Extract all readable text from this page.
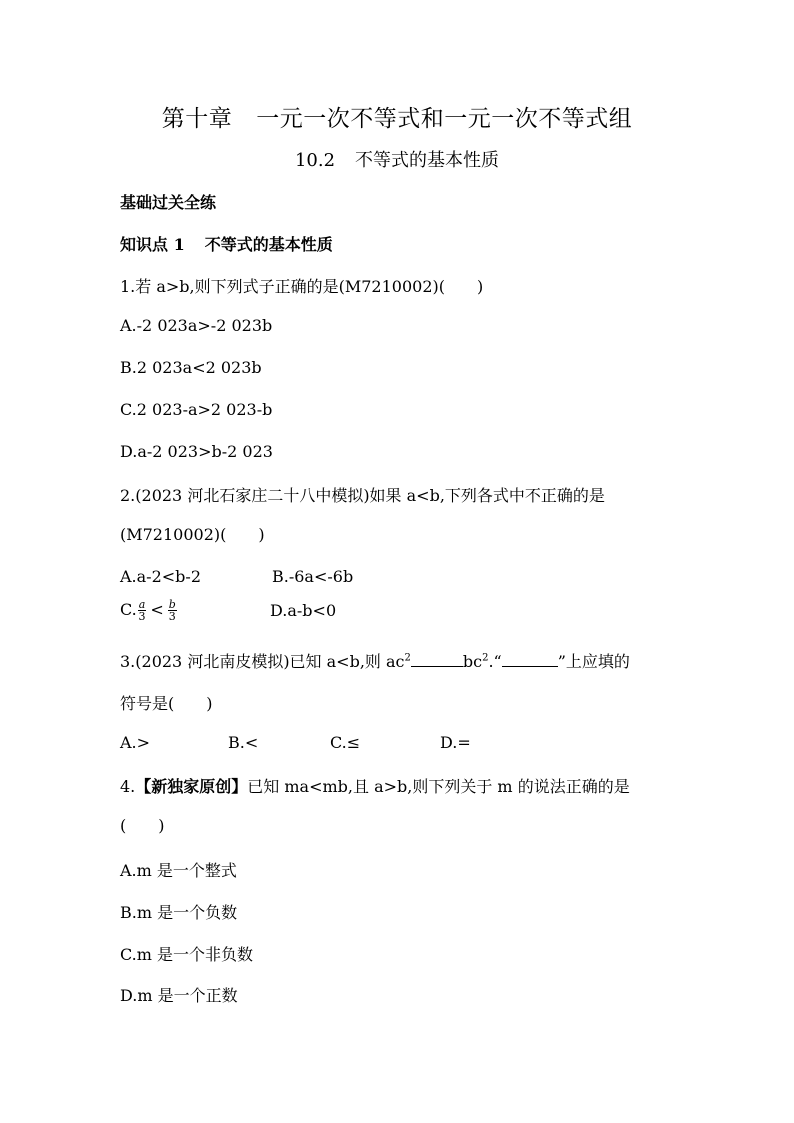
第十章 一元一次不等式和一元一次不等式组
10.2 不等式的基本性质
基础过关全练
知识点 1 不等式的基本性质
1.若 a>b,则下列式子正确的是(M7210002)(  )
A.-2 023a>-2 023b
B.2 023a<2 023b
C.2 023-a>2 023-b
D.a-2 023>b-2 023
2.(2023 河北石家庄二十八中模拟)如果 a<b,下列各式中不正确的是
(M7210002)(  )
A.a-2<b-2	B.-6a<-6b
C. $\frac{a}{3} < \frac{b}{3}$	D.a-b<0
3.(2023 河北南皮模拟)已知 a<b,则 $ac^2$	$bc^2.“$	”上应填的
符号是(  )
A.>	B.<	C.≤	D.=
4.【新独家原创】已知 ma<mb,且 a>b,则下列关于 m 的说法正确的是
(  )
A.m 是一个整式
B.m 是一个负数
C.m 是一个非负数
D.m 是一个正数
